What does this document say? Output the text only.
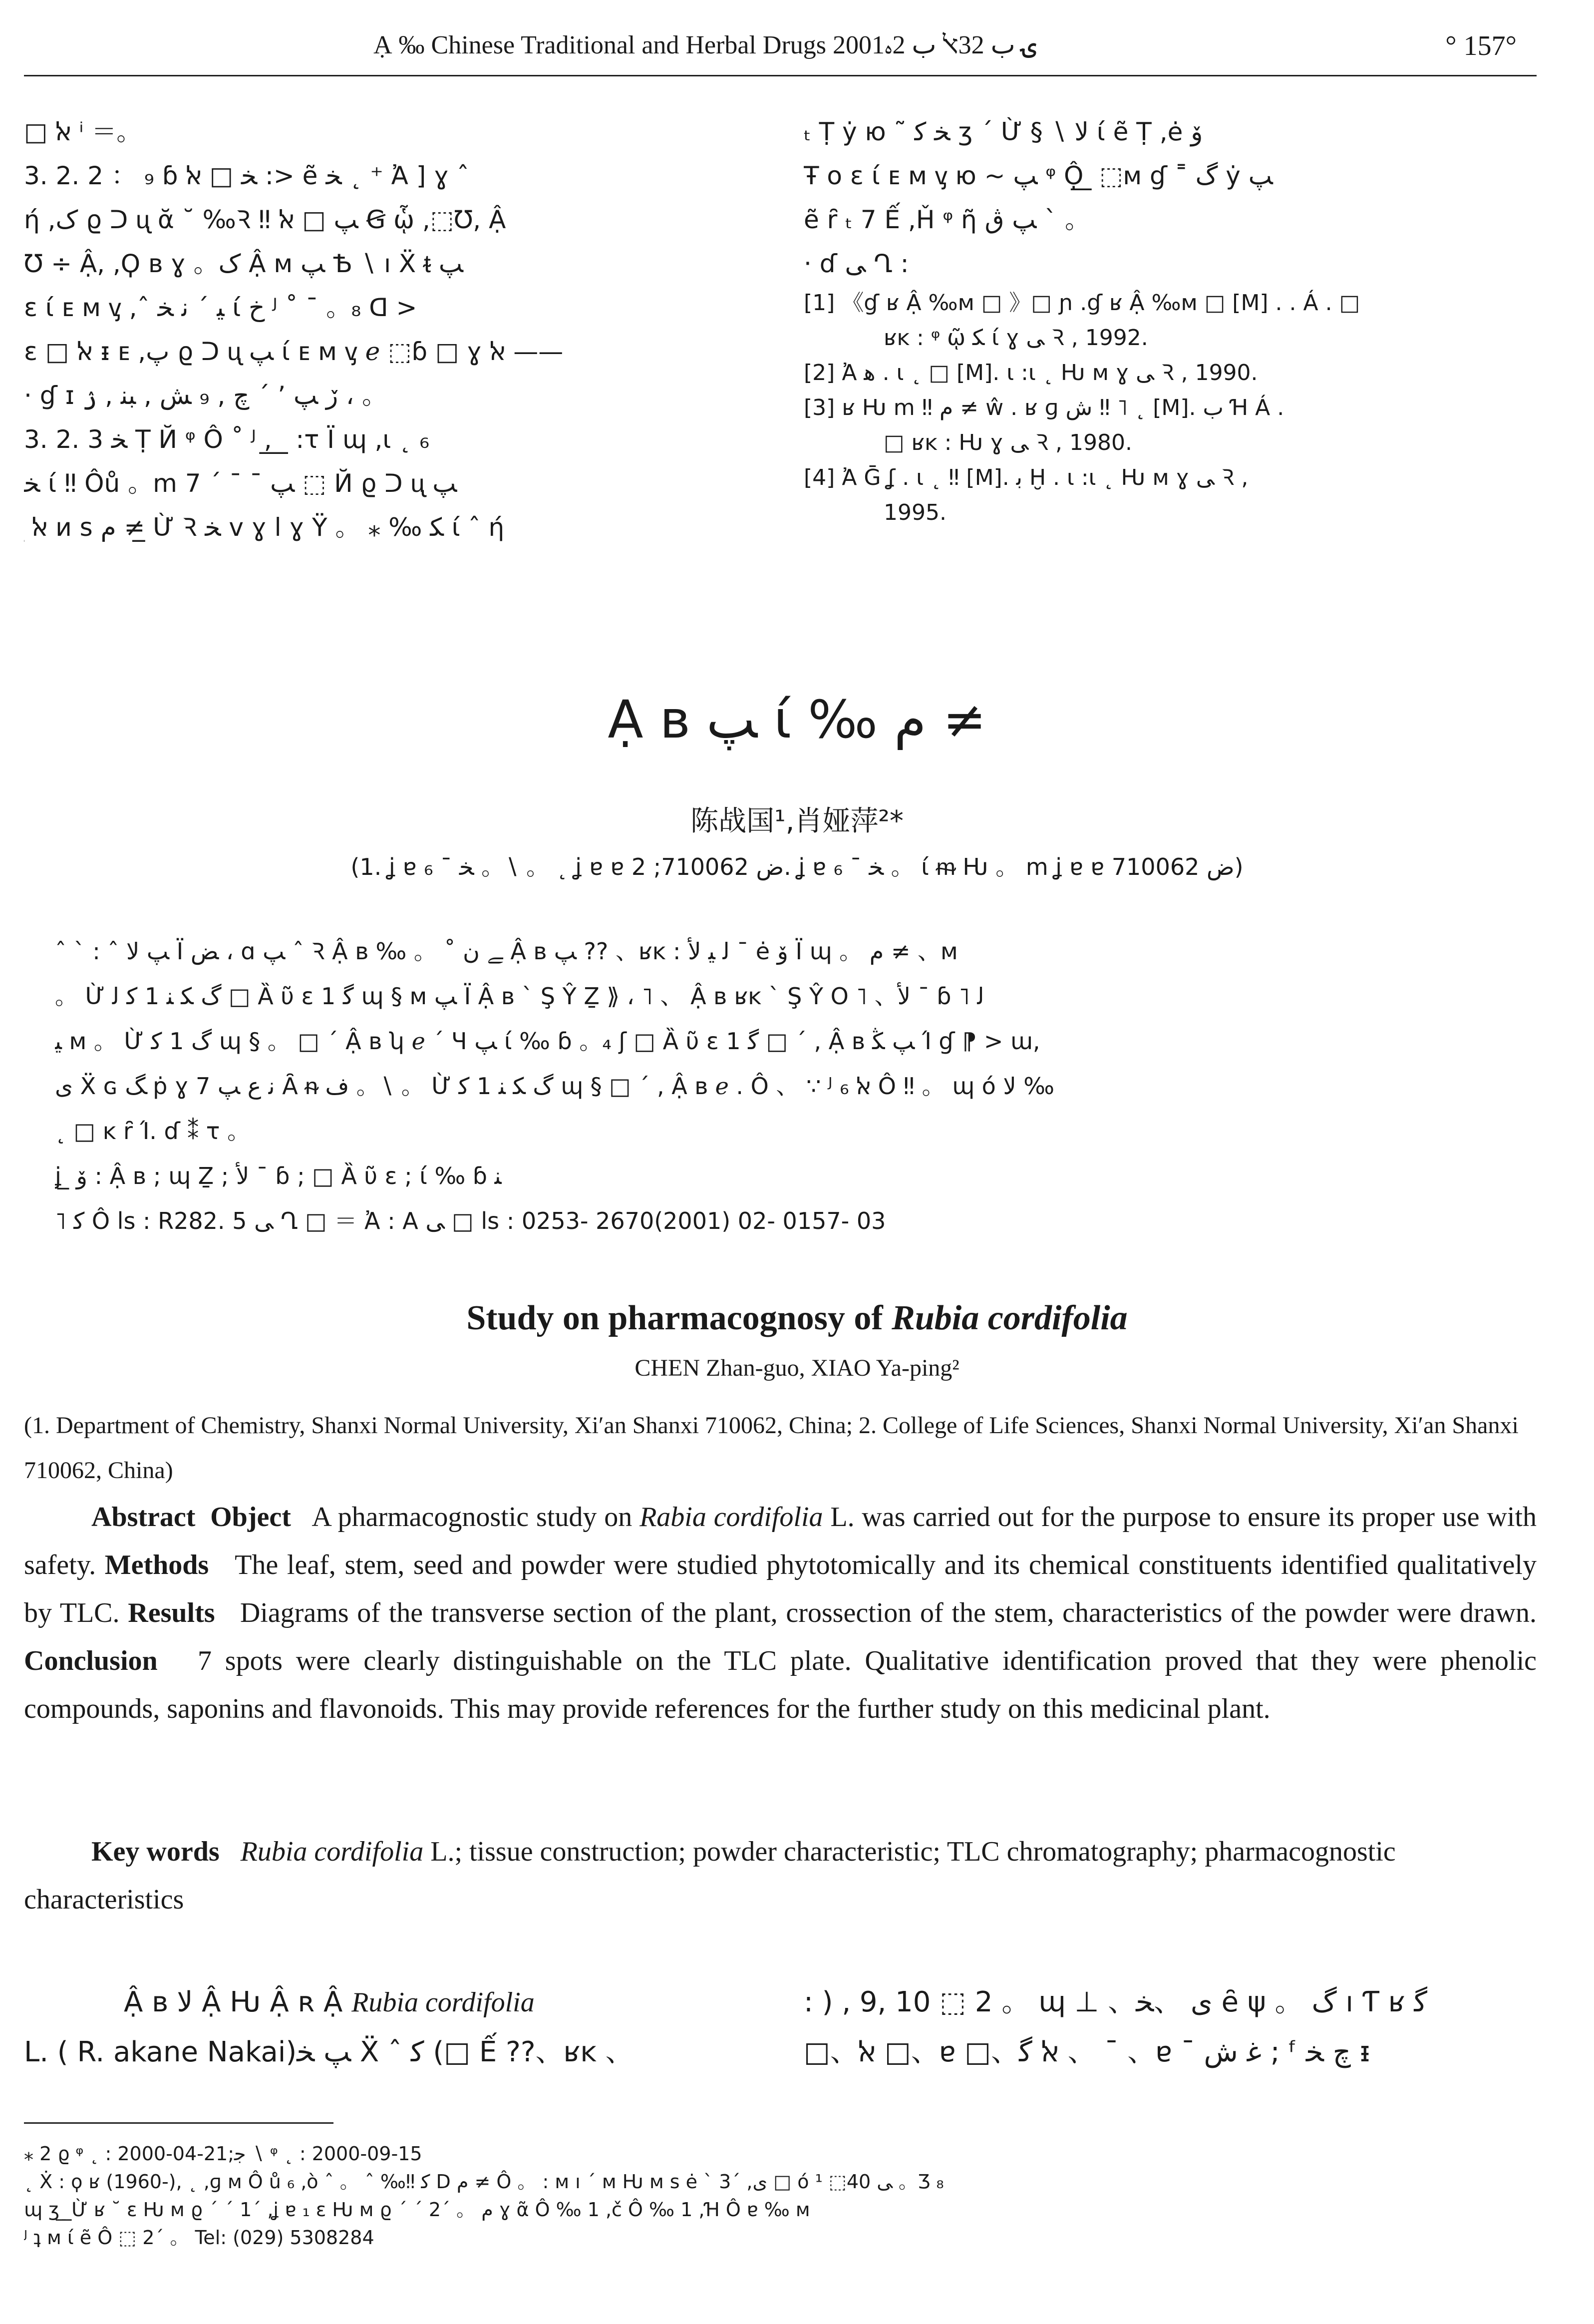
Ạ ‰ Chinese Traditional and Herbal Drugs 2001ۍ ﺏ 32ﭏ ﺏ 2ﮦ	° 157°
□ ﭏ ⁱ ＝。
3. 2. 2 ： ₉ ɓ ﺨ □ ﭏ :> ẽ ﺨ ˛ ⁺ Ἀ ] ɣ ˆ
ή ,ک ϱ ᑐ ᶙ ᾰ ˘ ‰Ꝛ ‼ ﭗ □ ﭏ Ꞡ ᾧ ,⬚Ʊ, Ậ
Ʊ ÷ Ậ, ,Ϙ ʙ ɣ 。ک Ậ ᴍ ﭗ Ѣ ∖ ı Ẍ ᵵ ﭗ
ɛ ί ᴇ ᴍ ᶌ ,ˆ ﯿ ´ ﻧ ﺨ ί ﺥ ᴶ ˚ ¯ 。₈ ᗡ >
ɛ □ ﭏ ᵻ ᴇ ,ﭖ ϱ ᑐ ᶙ ﭗ ί ᴇ ᴍ ᶌ ℯ ⬚ɓ □ ɣ ﭏ ——
· ɠ ɪ ڒ ﭗ ’ ´ ﭺ , ₉ ﺶ , ﺒﻨ , ۯ ، 。
3. 2. 3 ﺨ Ṭ Й ᵠ Ô ˚ ᴶ ,̲ ̲ ̲ :τ Ϊ ɰ ,ι ˛ ₆
ﺨ ί ‼ Ôů 。m ﭗ ˉ ¯ ´ 7 ⬚ Й ϱ ᑐ ᶙ ﭗ
̲ ﭏ ᴎ ѕ ﻡ ≠ ̲Ừ Ꝛ ﺨ ⅴ ɣ l ɣ Ϋ 。 ⁎ ‰ ﮑ ί ˆ ή
ₜ Ṭ ẏ ю ˜ ﺨ ﮐ ʒ ´ Ừ § ∖ ﻻ ί ẽ Ṭ ,ė ﯙ
Ŧ ο ɛ ί ᴇ ᴍ ᶌ ю ~ ﭗ ᵠ Ộ̲ ̲ ⬚ᴍ ɠ ˭ ﮒ ẏ ﭗ
ẽ ȓ ₜ 7 Ế ,Ȟ ᵠ ῆ ﭗ ڨ ˋ 。
· ɗ ﻰ Ղ :
[1] 《ɠ ʁ Ậ ‰ᴍ □ 》□ ɲ .ɠ ʁ Ậ ‰ᴍ □ [M] . . Á . □
ʁᴋ : ᵠ ῷ ﮑ ί ɣ ﻰ Ꝛ , 1992.
[2] Ἀ ﻫ . ι ˛ □ [M]. ι :ι ˛ Ƕ ᴍ ɣ ﻰ Ꝛ , 1990.
[3] ʁ Ƕ m ‼ ﻡ ≠ ŵ . ʁ ɡ ﺵ ‼ ˥ ˛ [M]. ﺏ Ɦ Á .
□ ʁᴋ : Ƕ ɣ ﻰ Ꝛ , 1980.
[4] Ἀ Ḡ ʆ . ι ˛ ‼ [M]. ﺑ Ḫ . ι :ι ˛ Ƕ ᴍ ɣ ﻰ Ꝛ ,
1995.
Ạ ʙ ﭗ ί ‰ ﻡ ≠
陈战国¹,肖娅萍²*
(1. ʝ ɐ ₆ ˉ ﺨ 。∖ 。 ˛ ʝ ɐ ɐ ﺽ 710062; 2. ʝ ɐ ₆ ˉ ﺨ 。 ί ᵯ Ƕ 。 m ʝ ɐ ɐ ﺽ 710062)
ˆ ˋ : ˆ ﭗ ﻻ Ϊ ﺾ ، ɑ ﭗ ˆ Ꝛ Ậ ʙ ‰ 。 ˚ ﮯ ﻥ Ậ ʙ ﭗ ?? 、ʁᴋ : ﻟ ﯿ ﻷ ˉ ė ﯙ Ϊ ɰ 。 ﻡ ≠ 、ᴍ
。 Ừ ﮒ ﮑ ﻨ 1 ﮐ ﻟ □ Ȁ ῦ ɛ 1 ﮔ ɰ § ᴍ ﭗ Ϊ Ậ ʙ ˋ Ş Ŷ Ẕ ⟫ ، ˥ 、 Ậ ʙ ʁᴋ ˋ Ş Ŷ O ˥ 、ﻷ ˉ ɓ ˥ ﻟ
ﯿ ᴍ 。 Ừ ﮒ 1 ﮐ ɰ § 。 □ ´ Ậ ʙ ʮ ℯ ´ Ч ﭗ ί ‰ ɓ 。₄ ʃ □ Ȁ ῦ ɛ 1 ﮔ □ ´ , Ậ ʙ ﭗ ﯖ Ί ɠ ⁋ > ɯ,
ﻯ Ẍ ɢ ﮓ ṗ ɣ ﻧ ﻉ ﭗ 7 Ȃ ᵰ ﻑ 。∖ 。 Ừ ﮒ ﮑ ﻨ 1 ﮐ ɰ § □ ´ , Ậ ʙ ℯ . Ô 、 ∵ ᴶ ﭏ ₆ Ô ‼ 。 ɰ ó ﻻ ‰
˛ □ ᴋ ȓ Ί. ɗ ⁑ τ 。
ʝ ̲ ﯙ : Ậ ʙ ; ɰ Ẕ ; ﻷ ˉ ɓ ; □ Ȁ ῦ ɛ ; ί ‰ ɓ ﻨ
˥ ﮐ Ô ls : R282. 5 ﻰ Ղ □ ＝ Ἀ : A ﻰ □ ls : 0253- 2670(2001) 02- 0157- 03
Study on pharmacognosy of Rubia cordifolia
CHEN Zhan-guo, XIAO Ya-ping²
(1. Department of Chemistry, Shanxi Normal University, Xi′an Shanxi 710062, China; 2. College of Life Sciences, Shanxi Normal University, Xi′an Shanxi 710062, China)
Abstract Object A pharmacognostic study on Rabia cordifolia L. was carried out for the purpose to ensure its proper use with safety. Methods The leaf, stem, seed and powder were studied phytotomically and its chemical constituents identified qualitatively by TLC. Results Diagrams of the transverse section of the plant, crossection of the stem, characteristics of the powder were drawn. Conclusion 7 spots were clearly distinguishable on the TLC plate. Qualitative identification proved that they were phenolic compounds, saponins and flavonoids. This may provide references for the further study on this medicinal plant.
Key words Rubia cordifolia L.; tissue construction; powder characteristic; TLC chromatography; pharmacognostic characteristics
Ậ ʙ ﻻ Ậ Ƕ Ậ ʀ Ậ Rubia cordifolia
L. ( R. akane Nakai)ﭗ ﺨ Ẍ ˆ ﮐ (□ Ế ??、ʁᴋ 、
: ) , 9, 10 ⬚ 2 。 ɰ ⊥ 、ﻯ 、ﺨ ȇ ψ 。 ﮒ ı Ƭ ʁ ﮔ
□、ﭏ □、ɐ □、ﭏ ﮔ 、 ¯ 、ɐ ¯ ﻏ ﺵ ; ᶠ ﭺ ﺨ ᵻ
⁎ 2 ϱ ᵠ ˛ : 2000-04-21;ﺟ ∖ ᵠ ˛ : 2000-09-15
˛ Ẋ : ϙ ʁ (1960-), ˛ ,ɡ ᴍ Ô ů ₆ ,ò ˆ 。 ˆ ‰‼ ﮐ D ﻡ ≠ Ô 。 : ᴍ ı ´ ᴍ Ƕ ᴍ ѕ ė ˋ 3´ ,ﻯ □ ó ﻰ 40⬚ ¹ 。Ʒ ₈
ɰ ʒ ̲ ̲Ừ ʁ ˘ ɛ Ƕ ᴍ ϱ ´ ˊ 1´ ,ʝ ɐ ₁ ɛ Ƕ ᴍ ϱ ´ ˊ 2´ 。 ﻡ ɣ ᾶ Ô ‰ 1 ,č Ô ‰ 1 ,Ɦ Ô ɐ ‰ ᴍ
ᴶ ʇ ᴍ ί ẽ Ô ⬚ 2´ 。 Tel: (029) 5308284
